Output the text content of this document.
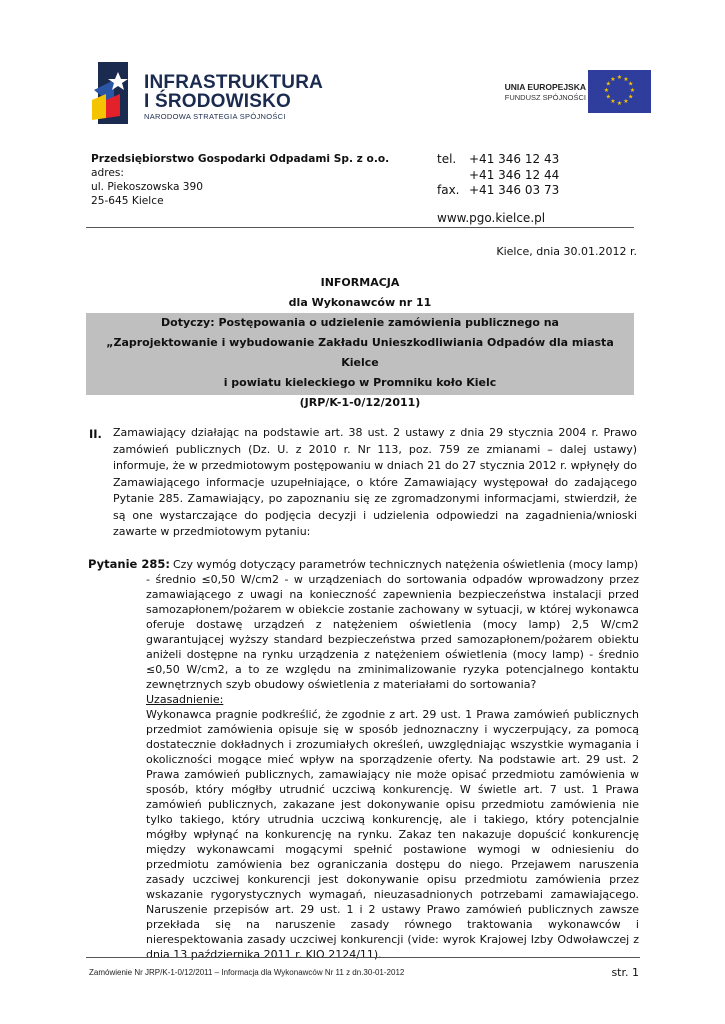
INFRASTRUKTURA
I ŚRODOWISKO
NARODOWA STRATEGIA SPÓJNOŚCI
UNIA EUROPEJSKA
FUNDUSZ SPÓJNOŚCI
★ ★
★
★
★
★
★
★
★
★
★
★
Przedsiębiorstwo Gospodarki Odpadami Sp. z o.o.
adres:
ul. Piekoszowska 390
25-645 Kielce
tel.	+41 346 12 43
+41 346 12 44
fax. +41 346 03 73
www.pgo.kielce.pl
Kielce, dnia 30.01.2012 r.
INFORMACJA
dla Wykonawców nr 11
Dotyczy: Postępowania o udzielenie zamówienia publicznego na
„Zaprojektowanie i wybudowanie Zakładu Unieszkodliwiania Odpadów dla miasta Kielce
i powiatu kieleckiego w Promniku koło Kielc
(JRP/K-1-0/12/2011)
II. Zamawiający działając na podstawie art. 38 ust. 2 ustawy z dnia 29 stycznia 2004 r. Prawo zamówień publicznych (Dz. U. z 2010 r. Nr 113, poz. 759 ze zmianami – dalej ustawy) informuje, że w przedmiotowym postępowaniu w dniach 21 do 27 stycznia 2012 r. wpłynęły do Zamawiającego informacje uzupełniające, o które Zamawiający występował do zadającego Pytanie 285. Zamawiający, po zapoznaniu się ze zgromadzonymi informacjami, stwierdził, że są one wystarczające do podjęcia decyzji i udzielenia odpowiedzi na zagadnienia/wnioski zawarte w przedmiotowym pytaniu:
Pytanie 285: Czy wymóg dotyczący parametrów technicznych natężenia oświetlenia (mocy lamp)
- średnio ≤0,50 W/cm2 - w urządzeniach do sortowania odpadów wprowadzony przez zamawiającego z uwagi na konieczność zapewnienia bezpieczeństwa instalacji przed samozapłonem/pożarem w obiekcie zostanie zachowany w sytuacji, w której wykonawca oferuje dostawę urządzeń z natężeniem oświetlenia (mocy lamp) 2,5 W/cm2 gwarantującej wyższy standard bezpieczeństwa przed samozapłonem/pożarem obiektu aniżeli dostępne na rynku urządzenia z natężeniem oświetlenia (mocy lamp) - średnio ≤0,50 W/cm2, a to ze względu na zminimalizowanie ryzyka potencjalnego kontaktu zewnętrznych szyb obudowy oświetlenia z materiałami do sortowania?
Uzasadnienie:
Wykonawca pragnie podkreślić, że zgodnie z art. 29 ust. 1 Prawa zamówień publicznych przedmiot zamówienia opisuje się w sposób jednoznaczny i wyczerpujący, za pomocą dostatecznie dokładnych i zrozumiałych określeń, uwzględniając wszystkie wymagania i okoliczności mogące mieć wpływ na sporządzenie oferty. Na podstawie art. 29 ust. 2 Prawa zamówień publicznych, zamawiający nie może opisać przedmiotu zamówienia w sposób, który mógłby utrudnić uczciwą konkurencję. W świetle art. 7 ust. 1 Prawa zamówień publicznych, zakazane jest dokonywanie opisu przedmiotu zamówienia nie tylko takiego, który utrudnia uczciwą konkurencję, ale i takiego, który potencjalnie mógłby wpłynąć na konkurencję na rynku. Zakaz ten nakazuje dopuścić konkurencję między wykonawcami mogącymi spełnić postawione wymogi w odniesieniu do przedmiotu zamówienia bez ograniczania dostępu do niego. Przejawem naruszenia zasady uczciwej konkurencji jest dokonywanie opisu przedmiotu zamówienia przez wskazanie rygorystycznych wymagań, nieuzasadnionych potrzebami zamawiającego. Naruszenie przepisów art. 29 ust. 1 i 2 ustawy Prawo zamówień publicznych zawsze przekłada się na naruszenie zasady równego traktowania wykonawców i nierespektowania zasady uczciwej konkurencji (vide: wyrok Krajowej Izby Odwoławczej z dnia 13 października 2011 r. KIO 2124/11).
Zamówienie Nr JRP/K-1-0/12/2011 – Informacja dla Wykonawców Nr 11 z dn.30-01-2012	str. 1
